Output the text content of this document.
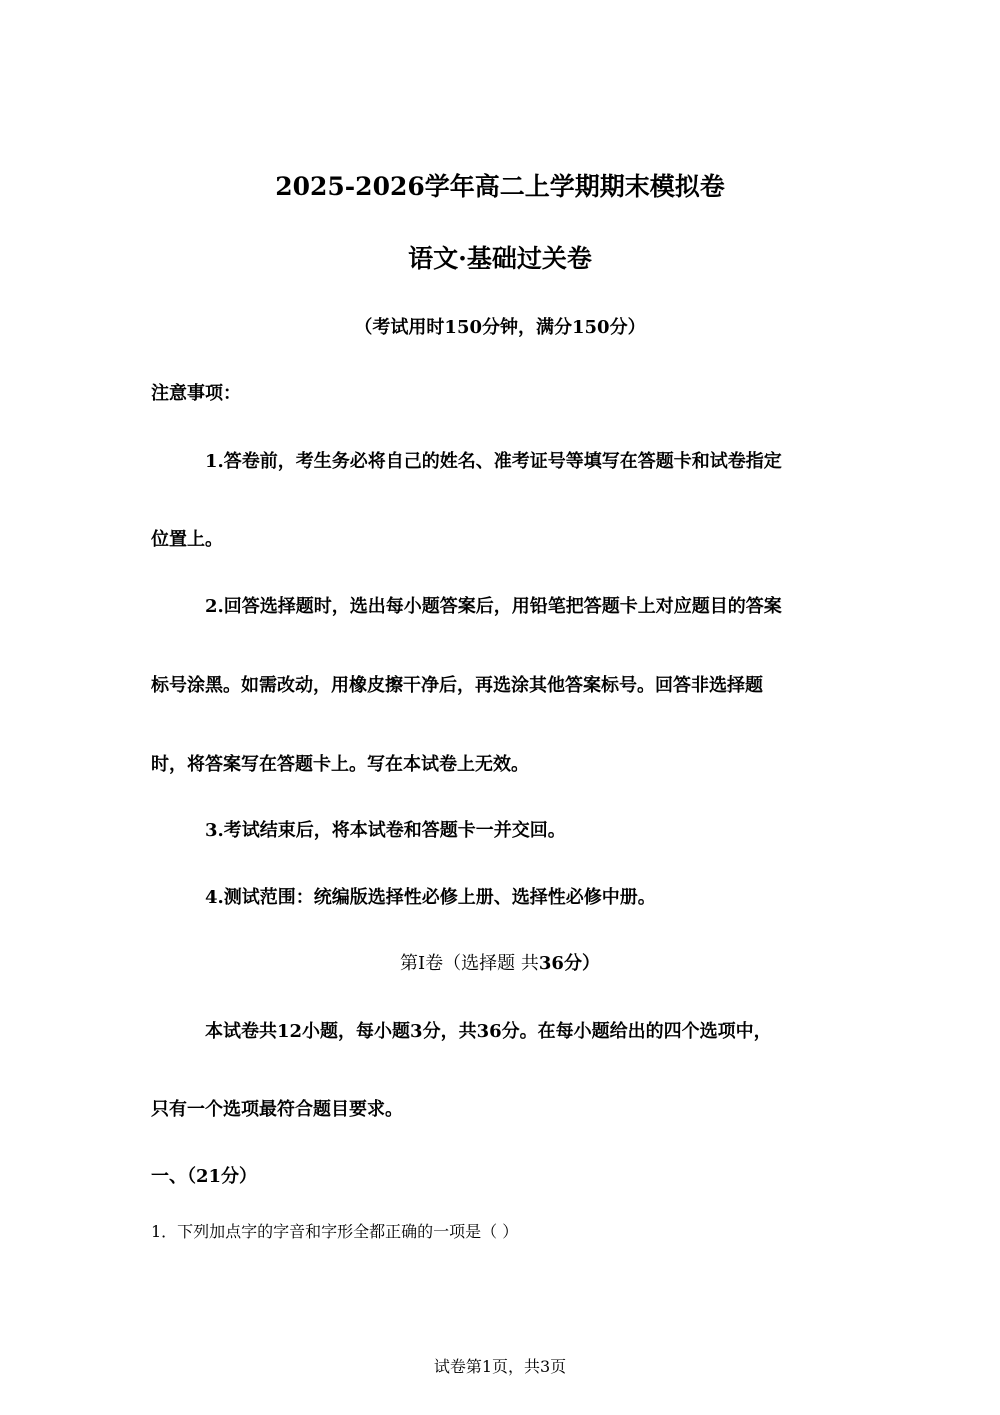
2025-2026学年高二上学期期末模拟卷
语文·基础过关卷
（考试用时150分钟，满分150分）
注意事项：
1.答卷前，考生务必将自己的姓名、准考证号等填写在答题卡和试卷指定
位置上。
2.回答选择题时，选出每小题答案后，用铅笔把答题卡上对应题目的答案
标号涂黑。如需改动，用橡皮擦干净后，再选涂其他答案标号。回答非选择题
时，将答案写在答题卡上。写在本试卷上无效。
3.考试结束后，将本试卷和答题卡一并交回。
4.测试范围：统编版选择性必修上册、选择性必修中册。
第Ⅰ卷（选择题 共36分）
本试卷共12小题，每小题3分，共36分。在每小题给出的四个选项中，
只有一个选项最符合题目要求。
一、（21分）
1．下列加点字的字音和字形全都正确的一项是（ ）
试卷第1页，共3页
